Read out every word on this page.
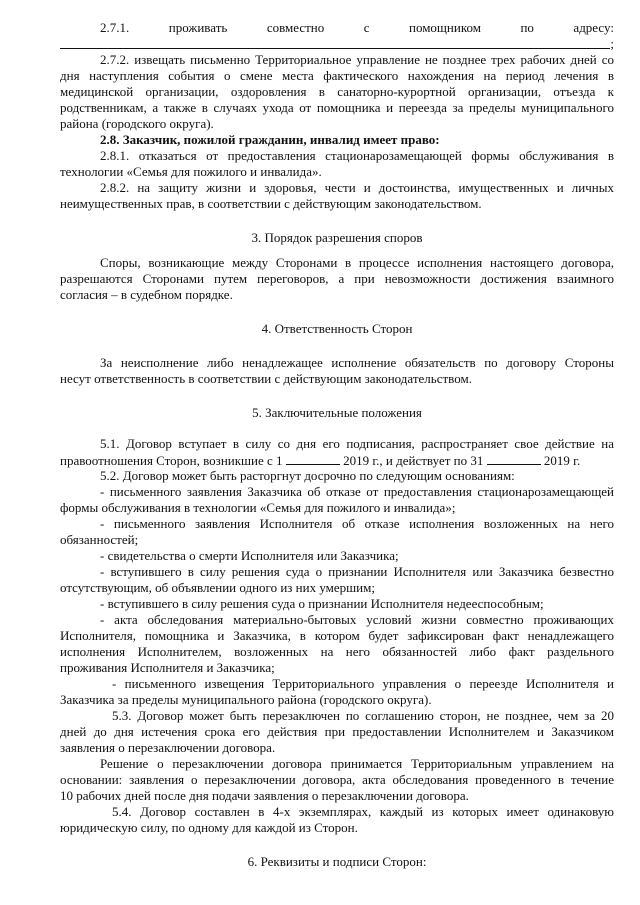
2.7.1.	проживать	совместно	с	помощником	по	адресу:
;
2.7.2. извещать письменно Территориальное управление не позднее трех рабочих дней со
дня наступления события о смене места фактического нахождения на период лечения в
медицинской организации, оздоровления в санаторно-курортной организации, отъезда к
родственникам, а также в случаях ухода от помощника и переезда за пределы муниципального
района (городского округа).
2.8. Заказчик, пожилой гражданин, инвалид имеет право:
2.8.1. отказаться от предоставления стационарозамещающей формы обслуживания в
технологии «Семья для пожилого и инвалида».
2.8.2. на защиту жизни и здоровья, чести и достоинства, имущественных и личных
неимущественных прав, в соответствии с действующим законодательством.
3. Порядок разрешения споров
Споры, возникающие между Сторонами в процессе исполнения настоящего договора,
разрешаются Сторонами путем переговоров, а при невозможности достижения взаимного
согласия – в судебном порядке.
4. Ответственность Сторон
За неисполнение либо ненадлежащее исполнение обязательств по договору Стороны
несут ответственность в соответствии с действующим законодательством.
5. Заключительные положения
5.1. Договор вступает в силу со дня его подписания, распространяет свое действие на
правоотношения Сторон, возникшие с 1	2019 г., и действует по 31	2019 г.
5.2. Договор может быть расторгнут досрочно по следующим основаниям:
- письменного заявления Заказчика об отказе от предоставления стационарозамещающей
формы обслуживания в технологии «Семья для пожилого и инвалида»;
- письменного заявления Исполнителя об отказе исполнения возложенных на него
обязанностей;
- свидетельства о смерти Исполнителя или Заказчика;
- вступившего в силу решения суда о признании Исполнителя или Заказчика безвестно
отсутствующим, об объявлении одного из них умершим;
- вступившего в силу решения суда о признании Исполнителя недееспособным;
- акта обследования материально-бытовых условий жизни совместно проживающих
Исполнителя, помощника и Заказчика, в котором будет зафиксирован факт ненадлежащего
исполнения Исполнителем, возложенных на него обязанностей либо факт раздельного
проживания Исполнителя и Заказчика;
- письменного извещения Территориального управления о переезде Исполнителя и
Заказчика за пределы муниципального района (городского округа).
5.3. Договор может быть перезаключен по соглашению сторон, не позднее, чем за 20
дней до дня истечения срока его действия при предоставлении Исполнителем и Заказчиком
заявления о перезаключении договора.
Решение о перезаключении договора принимается Территориальным управлением на
основании: заявления о перезаключении договора, акта обследования проведенного в течение
10 рабочих дней после дня подачи заявления о перезаключении договора.
5.4. Договор составлен в 4-х экземплярах, каждый из которых имеет одинаковую
юридическую силу, по одному для каждой из Сторон.
6. Реквизиты и подписи Сторон:
